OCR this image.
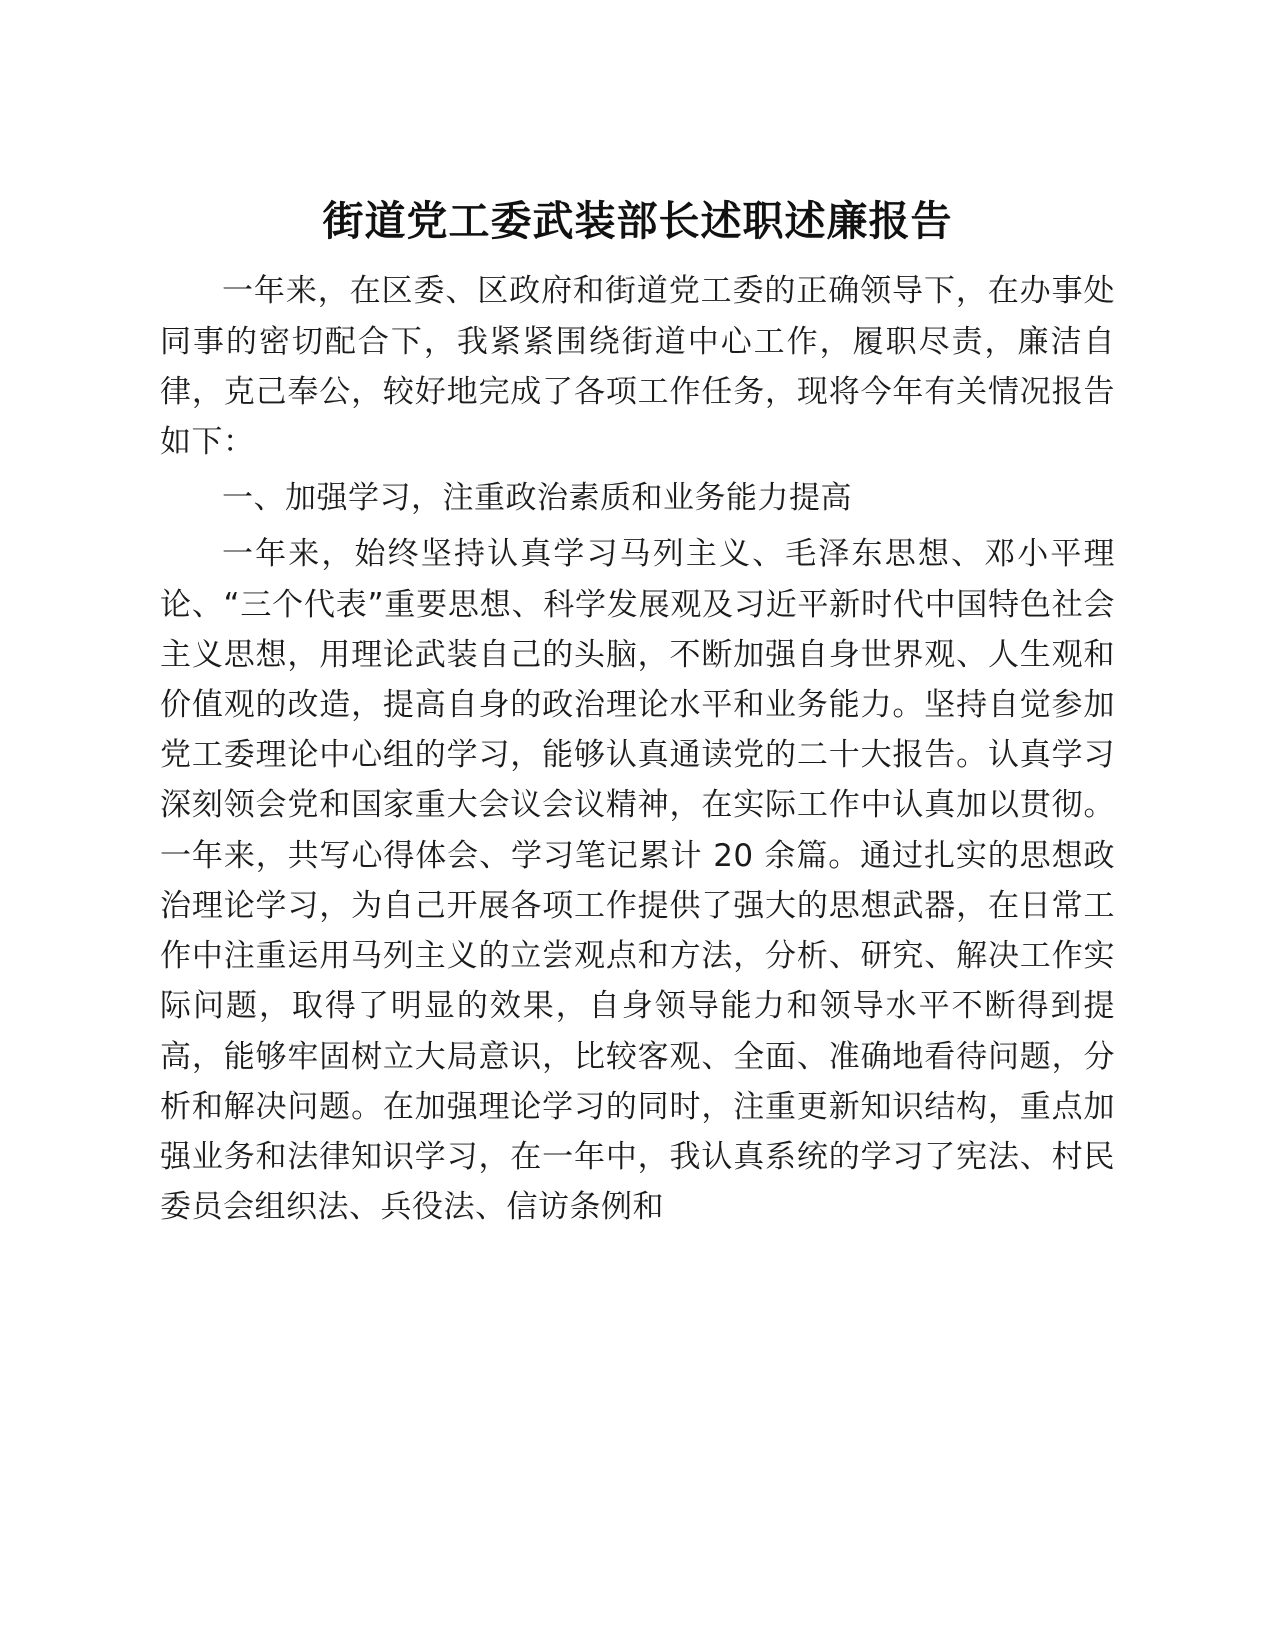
街道党工委武装部长述职述廉报告

一年来，在区委、区政府和街道党工委的正确领导下，在办事处同事的密切配合下，我紧紧围绕街道中心工作，履职尽责，廉洁自律，克己奉公，较好地完成了各项工作任务，现将今年有关情况报告如下：

一、加强学习，注重政治素质和业务能力提高

一年来，始终坚持认真学习马列主义、毛泽东思想、邓小平理论、“三个代表”重要思想、科学发展观及习近平新时代中国特色社会主义思想，用理论武装自己的头脑，不断加强自身世界观、人生观和价值观的改造，提高自身的政治理论水平和业务能力。坚持自觉参加党工委理论中心组的学习，能够认真通读党的二十大报告。认真学习深刻领会党和国家重大会议会议精神，在实际工作中认真加以贯彻。一年来，共写心得体会、学习笔记累计 20 余篇。通过扎实的思想政治理论学习，为自己开展各项工作提供了强大的思想武器，在日常工作中注重运用马列主义的立尝观点和方法，分析、研究、解决工作实际问题，取得了明显的效果，自身领导能力和领导水平不断得到提高，能够牢固树立大局意识，比较客观、全面、准确地看待问题，分析和解决问题。在加强理论学习的同时，注重更新知识结构，重点加强业务和法律知识学习，在一年中，我认真系统的学习了宪法、村民委员会组织法、兵役法、信访条例和
